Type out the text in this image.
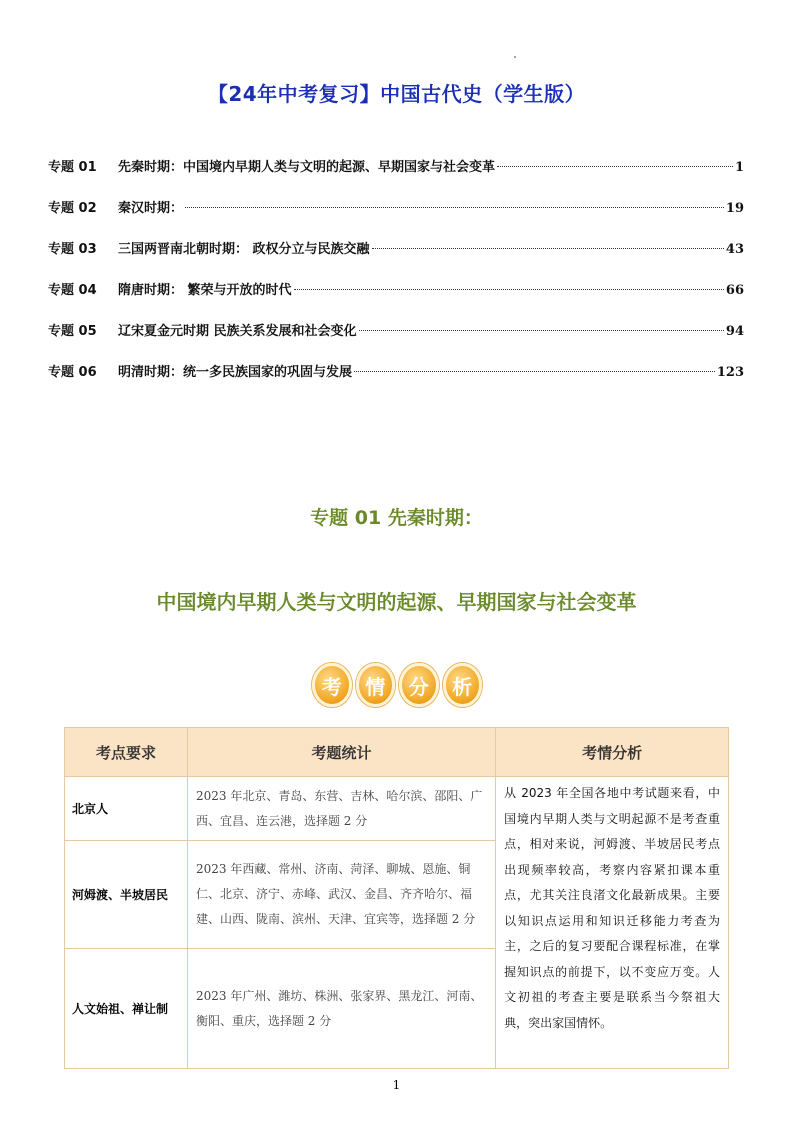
【24年中考复习】中国古代史（学生版）
专题 01	先秦时期：中国境内早期人类与文明的起源、早期国家与社会变革	1
专题 02	秦汉时期：	19
专题 03	三国两晋南北朝时期： 政权分立与民族交融	43
专题 04	隋唐时期： 繁荣与开放的时代	66
专题 05	辽宋夏金元时期 民族关系发展和社会变化	94
专题 06	明清时期：统一多民族国家的巩固与发展	123
专题 01 先秦时期：
中国境内早期人类与文明的起源、早期国家与社会变革
考	情	分	析
考点要求	考题统计	考情分析
北京人	2023 年北京、青岛、东营、吉林、哈尔滨、邵阳、广西、宜昌、连云港，选择题 2 分	从 2023 年全国各地中考试题来看，中国境内早期人类与文明起源不是考查重点，相对来说，河姆渡、半坡居民考点出现频率较高，考察内容紧扣课本重点，尤其关注良渚文化最新成果。主要以知识点运用和知识迁移能力考查为主，之后的复习要配合课程标准，在掌握知识点的前提下，以不变应万变。人文初祖的考查主要是联系当今祭祖大典，突出家国情怀。
河姆渡、半坡居民	2023 年西藏、常州、济南、菏泽、聊城、恩施、铜仁、北京、济宁、赤峰、武汉、金昌、齐齐哈尔、福建、山西、陇南、滨州、天津、宜宾等，选择题 2 分	
人文始祖、禅让制	2023 年广州、潍坊、株洲、张家界、黑龙江、河南、衡阳、重庆，选择题 2 分	
1
